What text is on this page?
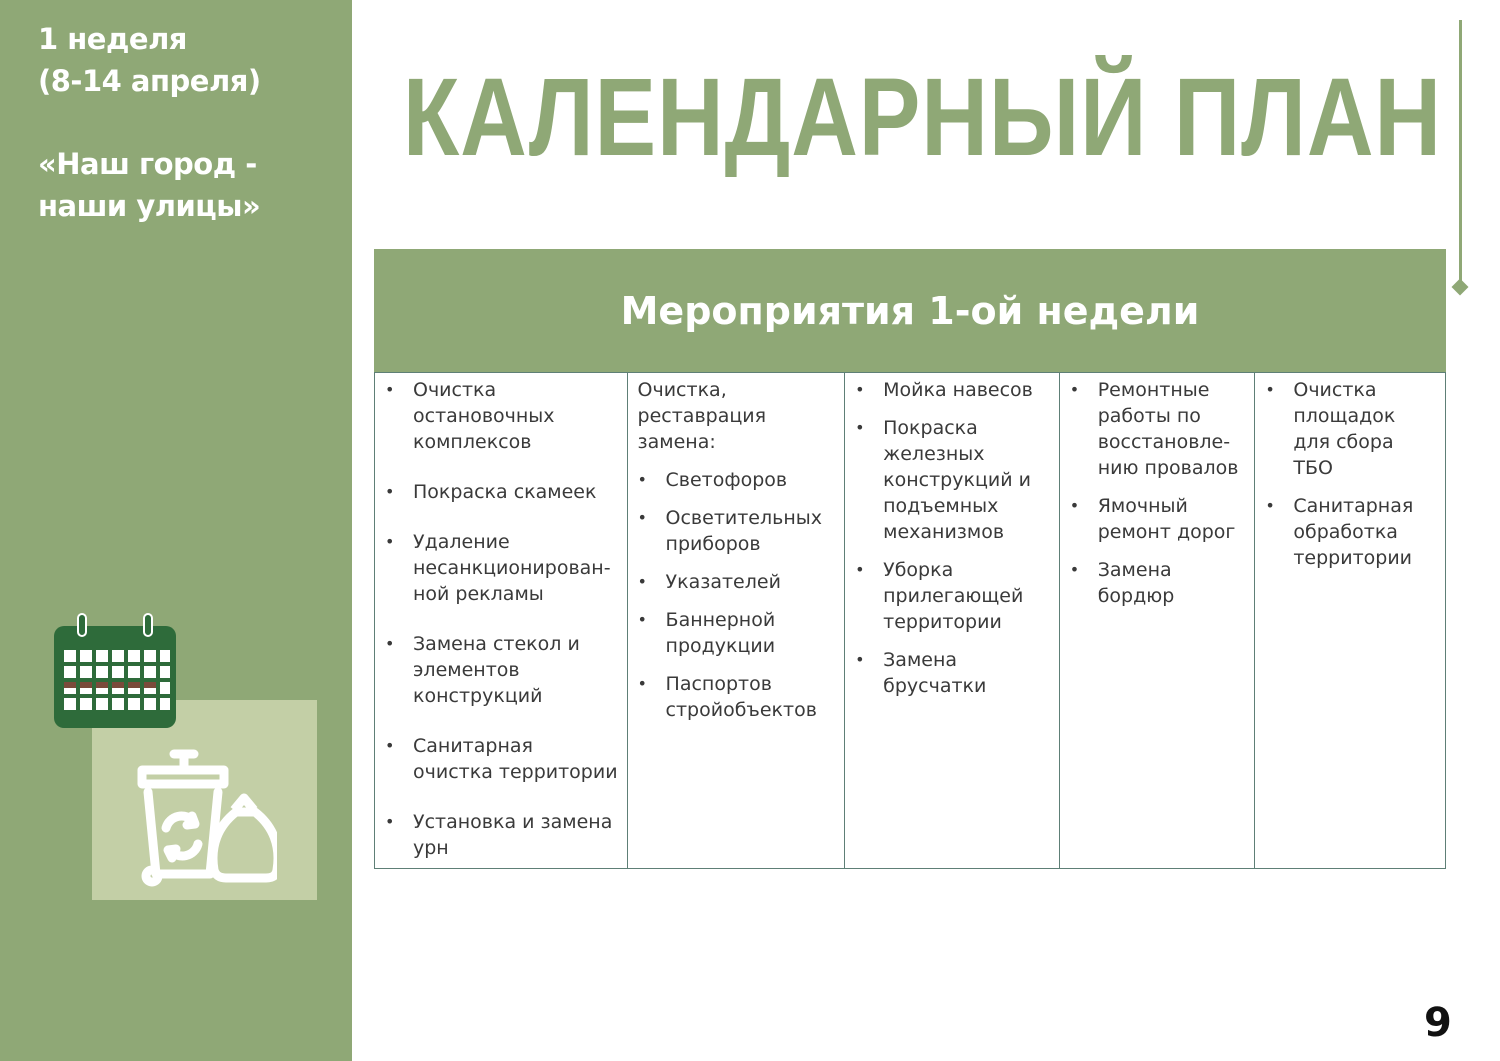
1 неделя
(8-14 апреля)
«Наш город -
наши улицы»
КАЛЕНДАРНЫЙ ПЛАН
Мероприятия 1-ой недели
• Очистка остановочных комплексов
• Покраска скамеек
• Удаление несанкционирован-ной рекламы
• Замена стекол и элементов конструкций
• Санитарная очистка территории
• Установка и замена урн
Очистка, реставрация замена:
• Светофоров
• Осветительных приборов
• Указателей
• Баннерной продукции
• Паспортов стройобъектов
• Мойка навесов
• Покраска железных конструкций и подъемных механизмов
• Уборка прилегающей территории
• Замена брусчатки
• Ремонтные работы по восстановле-нию провалов
• Ямочный ремонт дорог
• Замена бордюр
• Очистка площадок для сбора ТБО
• Санитарная обработка территории
9
